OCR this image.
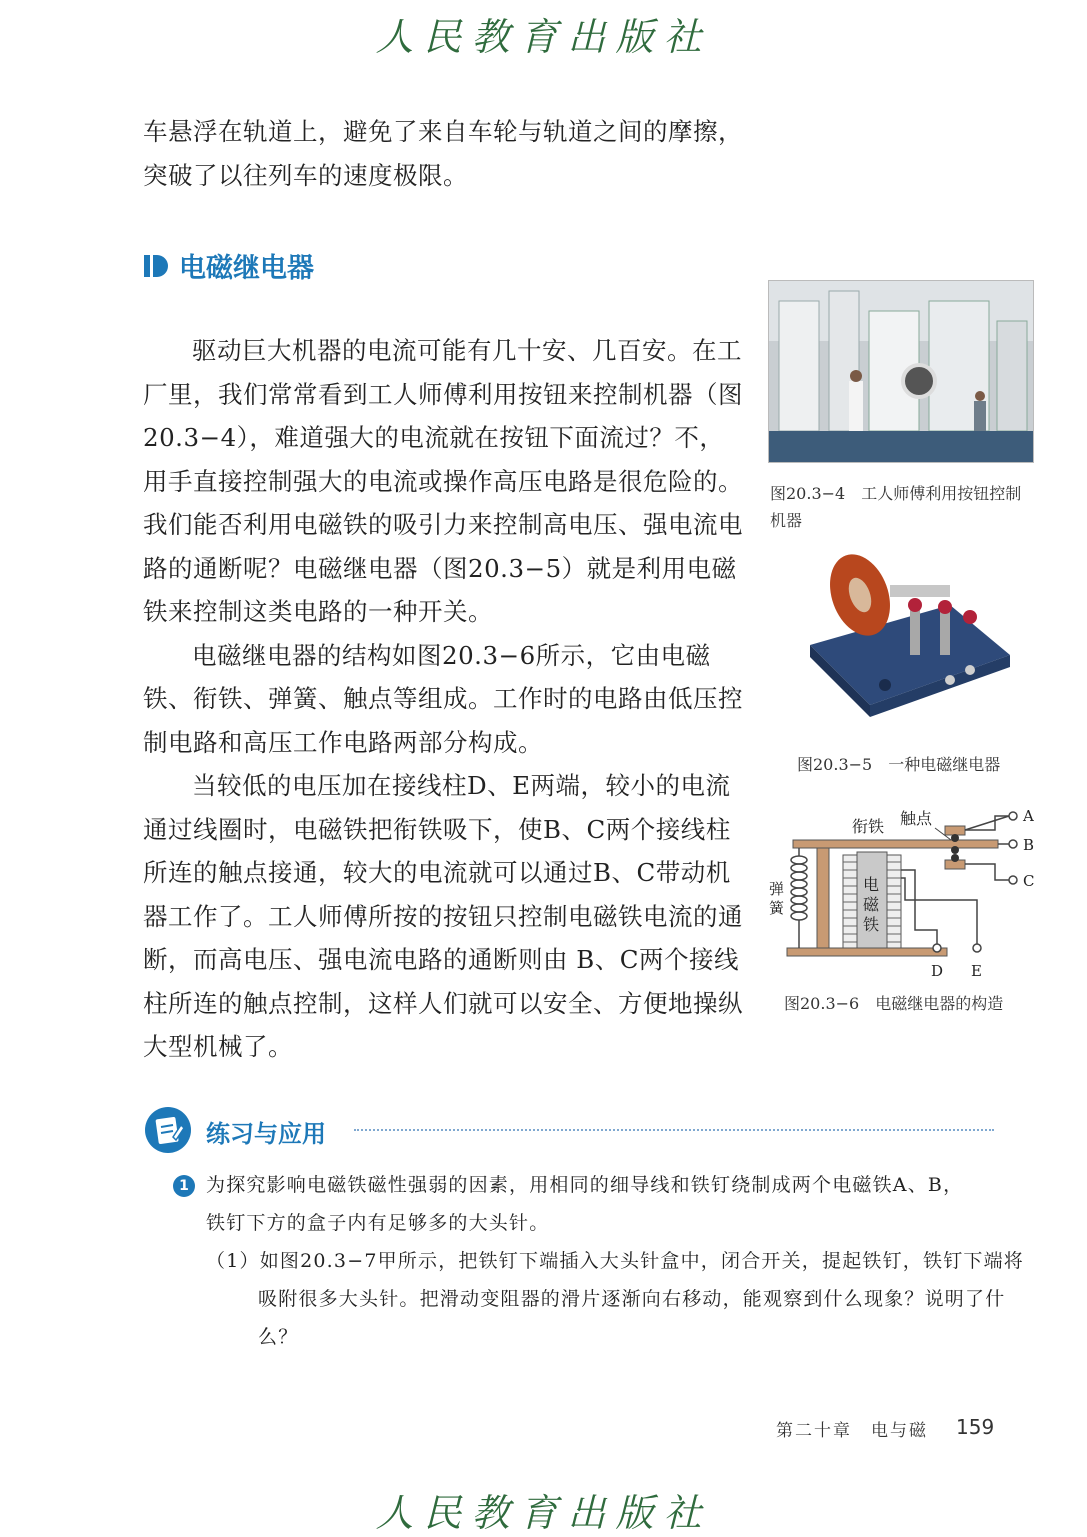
人民教育出版社
车悬浮在轨道上，避免了来自车轮与轨道之间的摩擦，
突破了以往列车的速度极限。
电磁继电器

驱动巨大机器的电流可能有几十安、几百安。在工厂里，我们常常看到工人师傅利用按钮来控制机器（图20.3−4），难道强大的电流就在按钮下面流过？不，用手直接控制强大的电流或操作高压电路是很危险的。我们能否利用电磁铁的吸引力来控制高电压、强电流电路的通断呢？电磁继电器（图20.3−5）就是利用电磁铁来控制这类电路的一种开关。

电磁继电器的结构如图20.3−6所示，它由电磁铁、衔铁、弹簧、触点等组成。工作时的电路由低压控制电路和高压工作电路两部分构成。

当较低的电压加在接线柱D、E两端，较小的电流通过线圈时，电磁铁把衔铁吸下，使B、C两个接线柱所连的触点接通，较大的电流就可以通过B、C带动机器工作了。工人师傅所按的按钮只控制电磁铁电流的通断，而高电压、强电流电路的通断则由 B、C两个接线柱所连的触点控制，这样人们就可以安全、方便地操纵大型机械了。

图20.3−4　工人师傅利用按钮控制机器
图20.3−5　一种电磁继电器
衔铁 触点
弹
簧
电
磁
铁
A
B
C
D E
图20.3−6　电磁继电器的构造
练习与应用
1 为探究影响电磁铁磁性强弱的因素，用相同的细导线和铁钉绕制成两个电磁铁A、B，铁钉下方的盒子内有足够多的大头针。
（1）如图20.3−7甲所示，把铁钉下端插入大头针盒中，闭合开关，提起铁钉，铁钉下端将吸附很多大头针。把滑动变阻器的滑片逐渐向右移动，能观察到什么现象？说明了什么？
第二十章　电与磁 159
人民教育出版社
